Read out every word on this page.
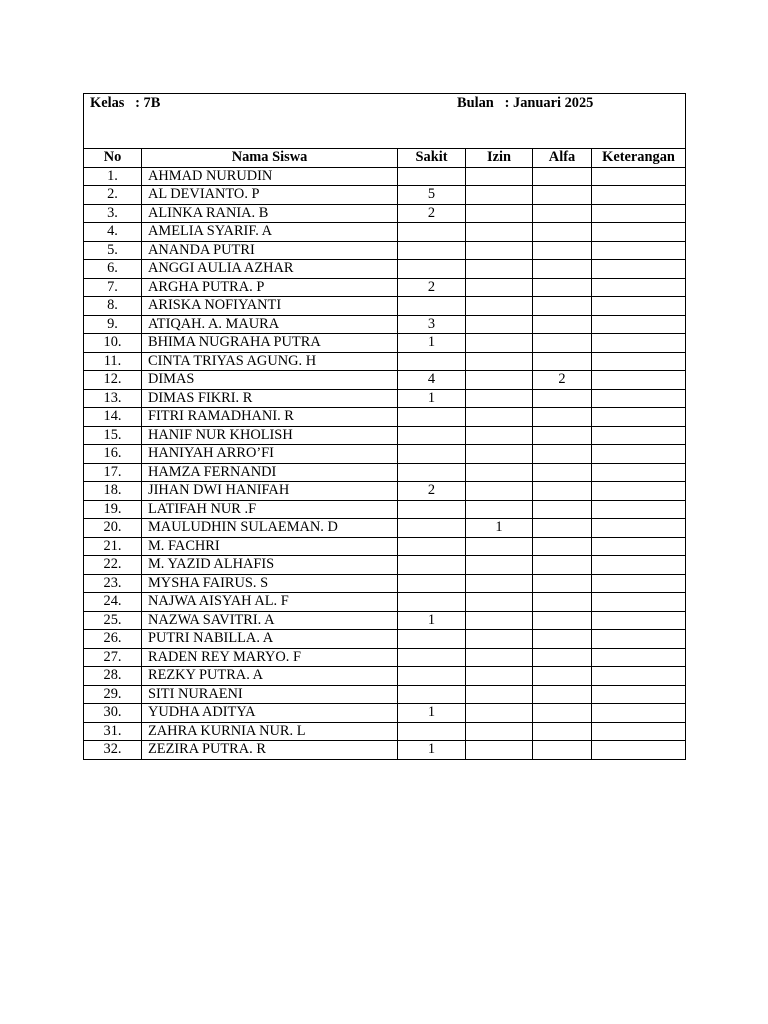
Kelas : 7B Bulan : Januari 2025					

No	Nama Siswa	Sakit	Izin	Alfa	Keterangan
1.	AHMAD NURUDIN				
2.	AL DEVIANTO. P	5			
3.	ALINKA RANIA. B	2			
4.	AMELIA SYARIF. A				
5.	ANANDA PUTRI				
6.	ANGGI AULIA AZHAR				
7.	ARGHA PUTRA. P	2			
8.	ARISKA NOFIYANTI				
9.	ATIQAH. A. MAURA	3			
10.	BHIMA NUGRAHA PUTRA	1			
11.	CINTA TRIYAS AGUNG. H				
12.	DIMAS	4		2	
13.	DIMAS FIKRI. R	1			
14.	FITRI RAMADHANI. R				
15.	HANIF NUR KHOLISH				
16.	HANIYAH ARRO’FI				
17.	HAMZA FERNANDI				
18.	JIHAN DWI HANIFAH	2			
19.	LATIFAH NUR .F				
20.	MAULUDHIN SULAEMAN. D		1		
21.	M. FACHRI				
22.	M. YAZID ALHAFIS				
23.	MYSHA FAIRUS. S				
24.	NAJWA AISYAH AL. F				
25.	NAZWA SAVITRI. A	1			
26.	PUTRI NABILLA. A				
27.	RADEN REY MARYO. F				
28.	REZKY PUTRA. A				
29.	SITI NURAENI				
30.	YUDHA ADITYA	1			
31.	ZAHRA KURNIA NUR. L				
32.	ZEZIRA PUTRA. R	1			
